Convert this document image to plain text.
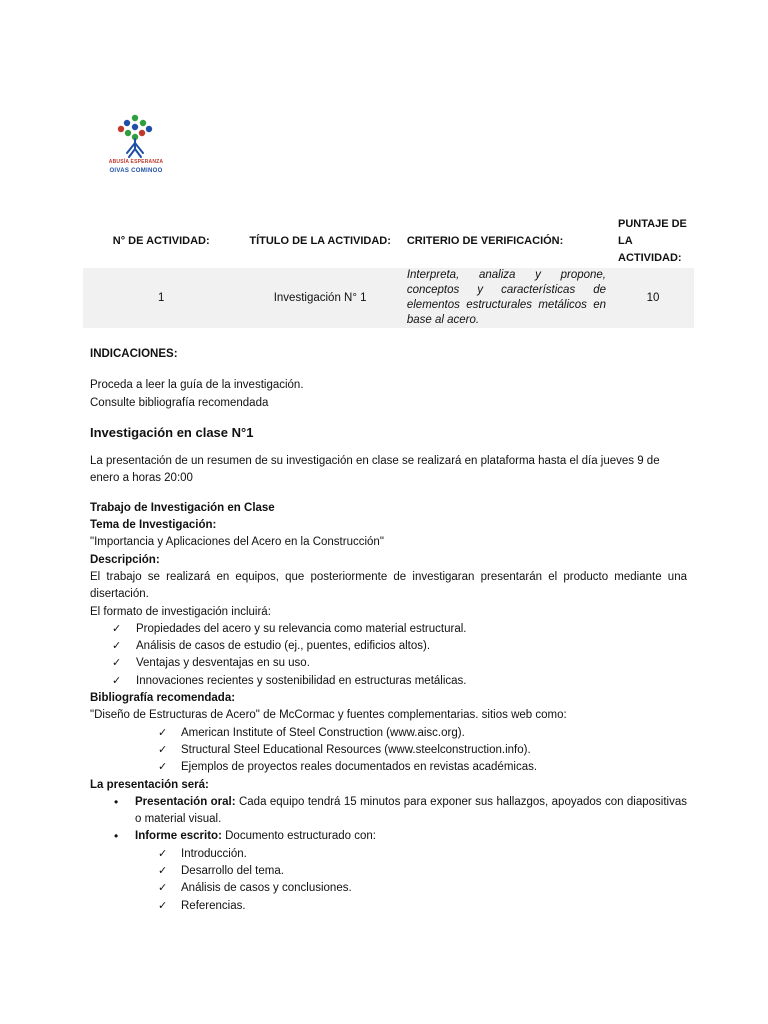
ABUSÍA ESPERANZA
OIVAS COMINOO
N° DE ACTIVIDAD:	TÍTULO DE LA ACTIVIDAD:	CRITERIO DE VERIFICACIÓN:	PUNTAJE DE LA ACTIVIDAD:
1	Investigación N° 1	Interpreta, analiza y propone, conceptos y características de elementos estructurales metálicos en base al acero.	10

INDICACIONES:

Proceda a leer la guía de la investigación.

Consulte bibliografía recomendada

Investigación en clase N°1

La presentación de un resumen de su investigación en clase se realizará en plataforma hasta el día jueves 9 de enero a horas 20:00

Trabajo de Investigación en Clase

Tema de Investigación:

"Importancia y Aplicaciones del Acero en la Construcción"

Descripción:

El trabajo se realizará en equipos, que posteriormente de investigaran presentarán el producto mediante una disertación.

El formato de investigación incluirá:

✓ Propiedades del acero y su relevancia como material estructural.
✓ Análisis de casos de estudio (ej., puentes, edificios altos).
✓ Ventajas y desventajas en su uso.
✓ Innovaciones recientes y sostenibilidad en estructuras metálicas.

Bibliografía recomendada:

"Diseño de Estructuras de Acero" de McCormac y fuentes complementarias. sitios web como:

✓ American Institute of Steel Construction (www.aisc.org).
✓ Structural Steel Educational Resources (www.steelconstruction.info).
✓ Ejemplos de proyectos reales documentados en revistas académicas.

La presentación será:

• Presentación oral: Cada equipo tendrá 15 minutos para exponer sus hallazgos, apoyados con diapositivas o material visual.
• Informe escrito: Documento estructurado con:
✓ Introducción.
✓ Desarrollo del tema.
✓ Análisis de casos y conclusiones.
✓ Referencias.
